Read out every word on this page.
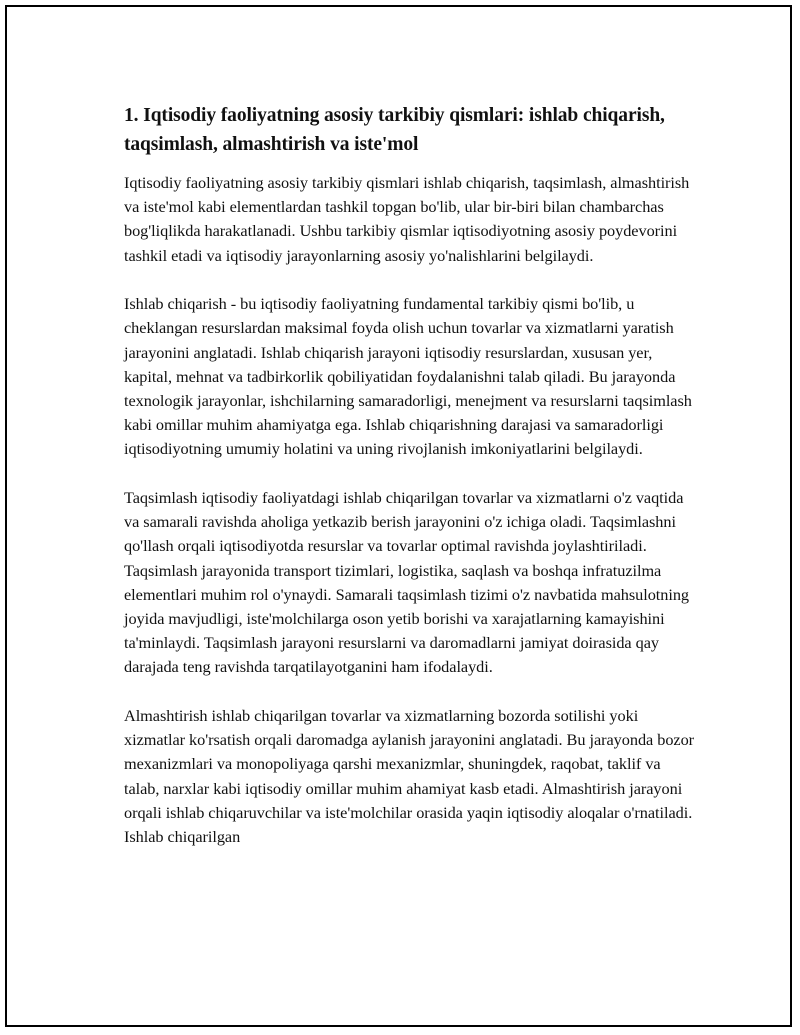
1. Iqtisodiy faoliyatning asosiy tarkibiy qismlari: ishlab chiqarish, taqsimlash, almashtirish va iste'mol

Iqtisodiy faoliyatning asosiy tarkibiy qismlari ishlab chiqarish, taqsimlash, almashtirish va iste'mol kabi elementlardan tashkil topgan bo'lib, ular bir-biri bilan chambarchas bog'liqlikda harakatlanadi. Ushbu tarkibiy qismlar iqtisodiyotning asosiy poydevorini tashkil etadi va iqtisodiy jarayonlarning asosiy yo'nalishlarini belgilaydi.

Ishlab chiqarish - bu iqtisodiy faoliyatning fundamental tarkibiy qismi bo'lib, u cheklangan resurslardan maksimal foyda olish uchun tovarlar va xizmatlarni yaratish jarayonini anglatadi. Ishlab chiqarish jarayoni iqtisodiy resurslardan, xususan yer, kapital, mehnat va tadbirkorlik qobiliyatidan foydalanishni talab qiladi. Bu jarayonda texnologik jarayonlar, ishchilarning samaradorligi, menejment va resurslarni taqsimlash kabi omillar muhim ahamiyatga ega. Ishlab chiqarishning darajasi va samaradorligi iqtisodiyotning umumiy holatini va uning rivojlanish imkoniyatlarini belgilaydi.

Taqsimlash iqtisodiy faoliyatdagi ishlab chiqarilgan tovarlar va xizmatlarni o'z vaqtida va samarali ravishda aholiga yetkazib berish jarayonini o'z ichiga oladi. Taqsimlashni qo'llash orqali iqtisodiyotda resurslar va tovarlar optimal ravishda joylashtiriladi. Taqsimlash jarayonida transport tizimlari, logistika, saqlash va boshqa infratuzilma elementlari muhim rol o'ynaydi. Samarali taqsimlash tizimi o'z navbatida mahsulotning joyida mavjudligi, iste'molchilarga oson yetib borishi va xarajatlarning kamayishini ta'minlaydi. Taqsimlash jarayoni resurslarni va daromadlarni jamiyat doirasida qay darajada teng ravishda tarqatilayotganini ham ifodalaydi.

Almashtirish ishlab chiqarilgan tovarlar va xizmatlarning bozorda sotilishi yoki xizmatlar ko'rsatish orqali daromadga aylanish jarayonini anglatadi. Bu jarayonda bozor mexanizmlari va monopoliyaga qarshi mexanizmlar, shuningdek, raqobat, taklif va talab, narxlar kabi iqtisodiy omillar muhim ahamiyat kasb etadi. Almashtirish jarayoni orqali ishlab chiqaruvchilar va iste'molchilar orasida yaqin iqtisodiy aloqalar o'rnatiladi. Ishlab chiqarilgan
